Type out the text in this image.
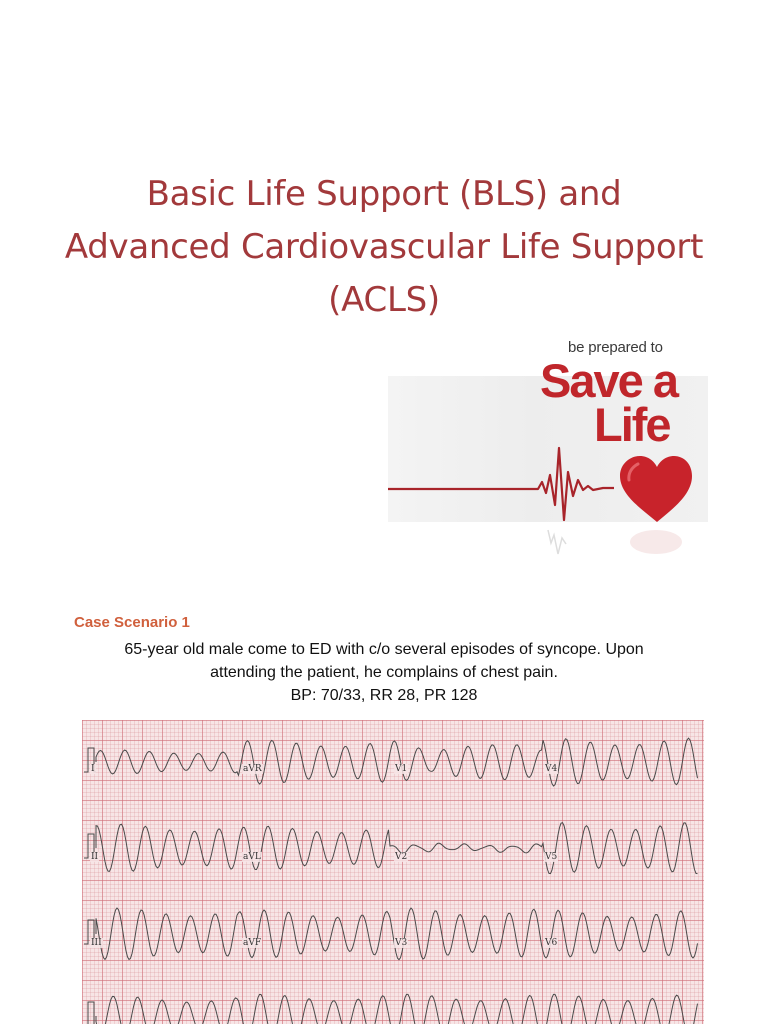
Basic Life Support (BLS) and
Advanced Cardiovascular Life Support
(ACLS)
be prepared to
Save a
Life
Case Scenario 1
65-year old male come to ED with c/o several episodes of syncope. Upon
attending the patient, he complains of chest pain.
BP: 70/33, RR 28, PR 128
I	aVR	V1	V4
II	aVL	V2	V5
III	aVF	V3	V6
